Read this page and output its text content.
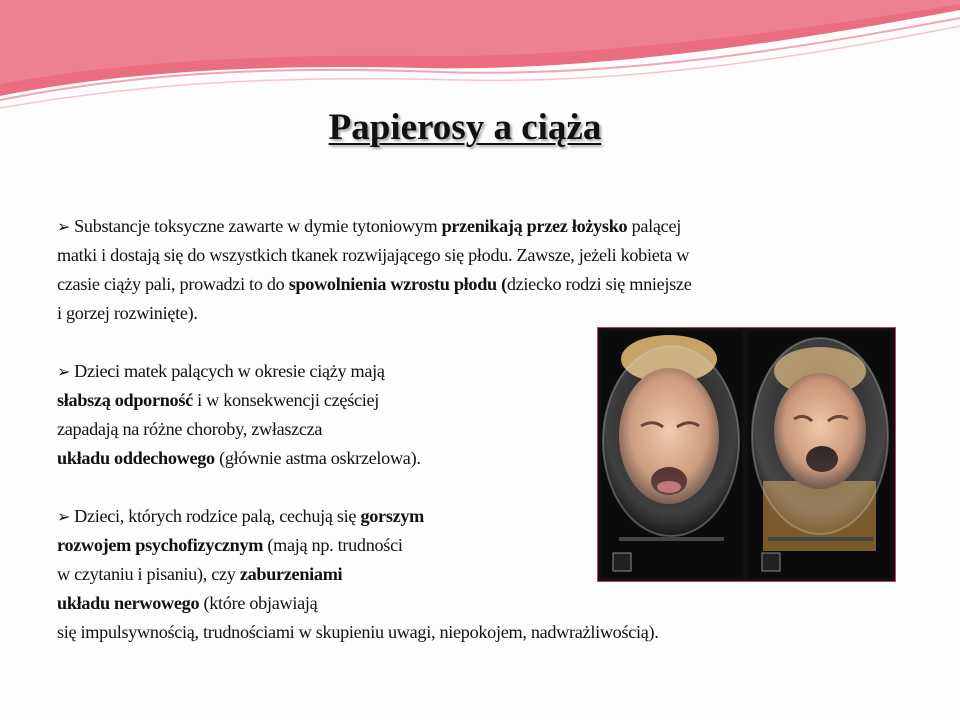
Papierosy a ciąża
➢ Substancje toksyczne zawarte w dymie tytoniowym przenikają przez łożysko palącej
matki i dostają się do wszystkich tkanek rozwijającego się płodu. Zawsze, jeżeli kobieta w
czasie ciąży pali, prowadzi to do spowolnienia wzrostu płodu (dziecko rodzi się mniejsze
i gorzej rozwinięte).
➢ Dzieci matek palących w okresie ciąży mają
słabszą odporność i w konsekwencji częściej
zapadają na różne choroby, zwłaszcza
układu oddechowego (głównie astma oskrzelowa).
➢ Dzieci, których rodzice palą, cechują się gorszym
rozwojem psychofizycznym (mają np. trudności
w czytaniu i pisaniu), czy zaburzeniami
układu nerwowego (które objawiają
się impulsywnością, trudnościami w skupieniu uwagi, niepokojem, nadwrażliwością).
